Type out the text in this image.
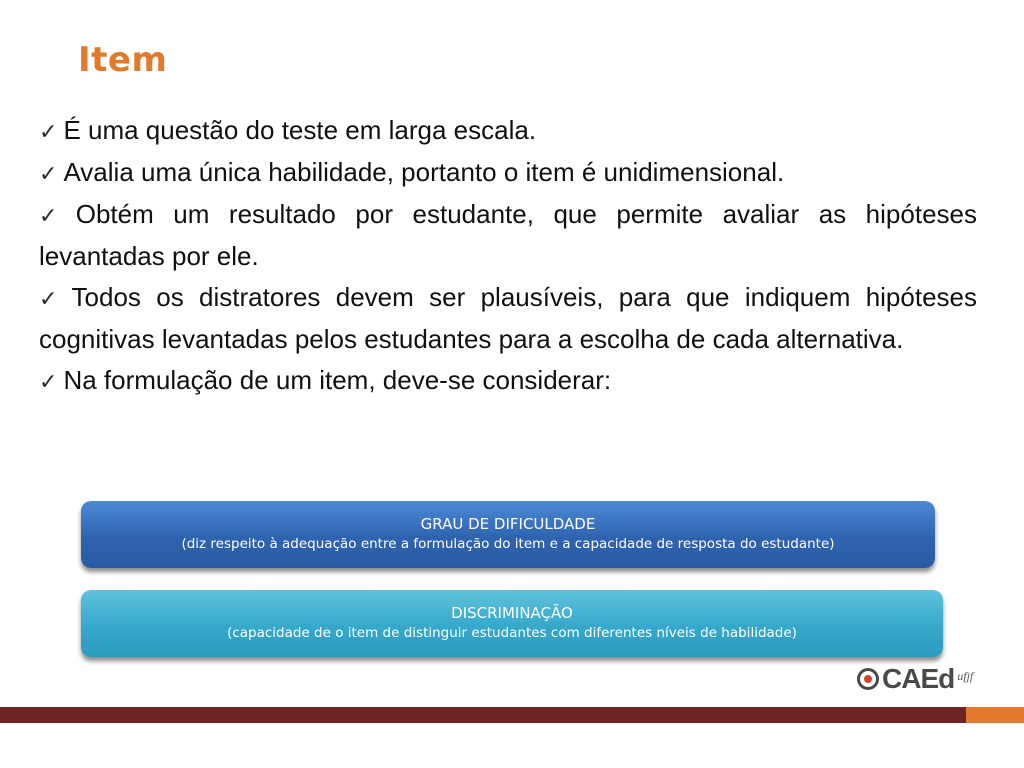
Item

✓ É uma questão do teste em larga escala.

✓ Avalia uma única habilidade, portanto o item é unidimensional.

✓ Obtém um resultado por estudante, que permite avaliar as hipóteses levantadas por ele.

✓ Todos os distratores devem ser plausíveis, para que indiquem hipóteses cognitivas levantadas pelos estudantes para a escolha de cada alternativa.

✓ Na formulação de um item, deve-se considerar:

GRAU DE DIFICULDADE
(diz respeito à adequação entre a formulação do item e a capacidade de resposta do estudante)
DISCRIMINAÇÃO
(capacidade de o item de distinguir estudantes com diferentes níveis de habilidade)
CAEd ufjf
